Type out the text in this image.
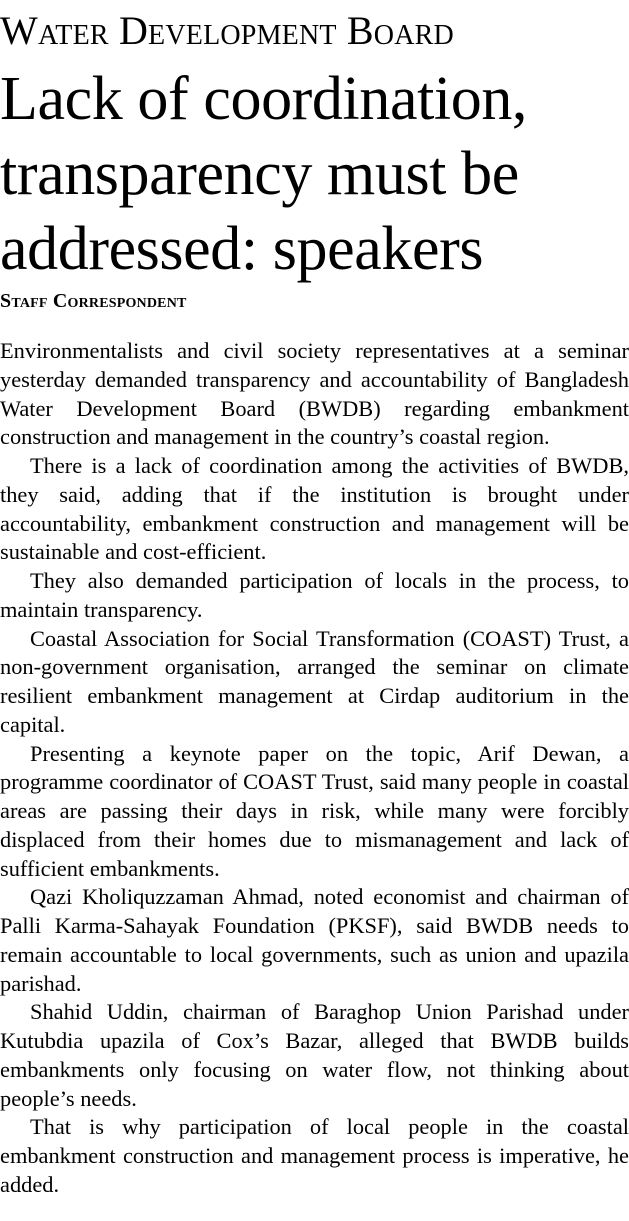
Water Development Board
Lack of coordination, transparency must be addressed: speakers
Staff Correspondent

Environmentalists and civil society representatives at a seminar yesterday demanded transparency and accountability of Bangladesh Water Development Board (BWDB) regarding embankment construction and management in the country’s coastal region.

There is a lack of coordination among the activities of BWDB, they said, adding that if the institution is brought under accountability, embankment construction and management will be sustainable and cost-efficient.

They also demanded participation of locals in the process, to maintain transparency.

Coastal Association for Social Transformation (COAST) Trust, a non-government organisation, arranged the seminar on climate resilient embankment management at Cirdap auditorium in the capital.

Presenting a keynote paper on the topic, Arif Dewan, a programme coordinator of COAST Trust, said many people in coastal areas are passing their days in risk, while many were forcibly displaced from their homes due to mismanagement and lack of sufficient embankments.

Qazi Kholiquzzaman Ahmad, noted economist and chairman of Palli Karma-Sahayak Foundation (PKSF), said BWDB needs to remain accountable to local governments, such as union and upazila parishad.

Shahid Uddin, chairman of Baraghop Union Parishad under Kutubdia upazila of Cox’s Bazar, alleged that BWDB builds embankments only focusing on water flow, not thinking about people’s needs.

That is why participation of local people in the coastal embankment construction and management process is imperative, he added.
